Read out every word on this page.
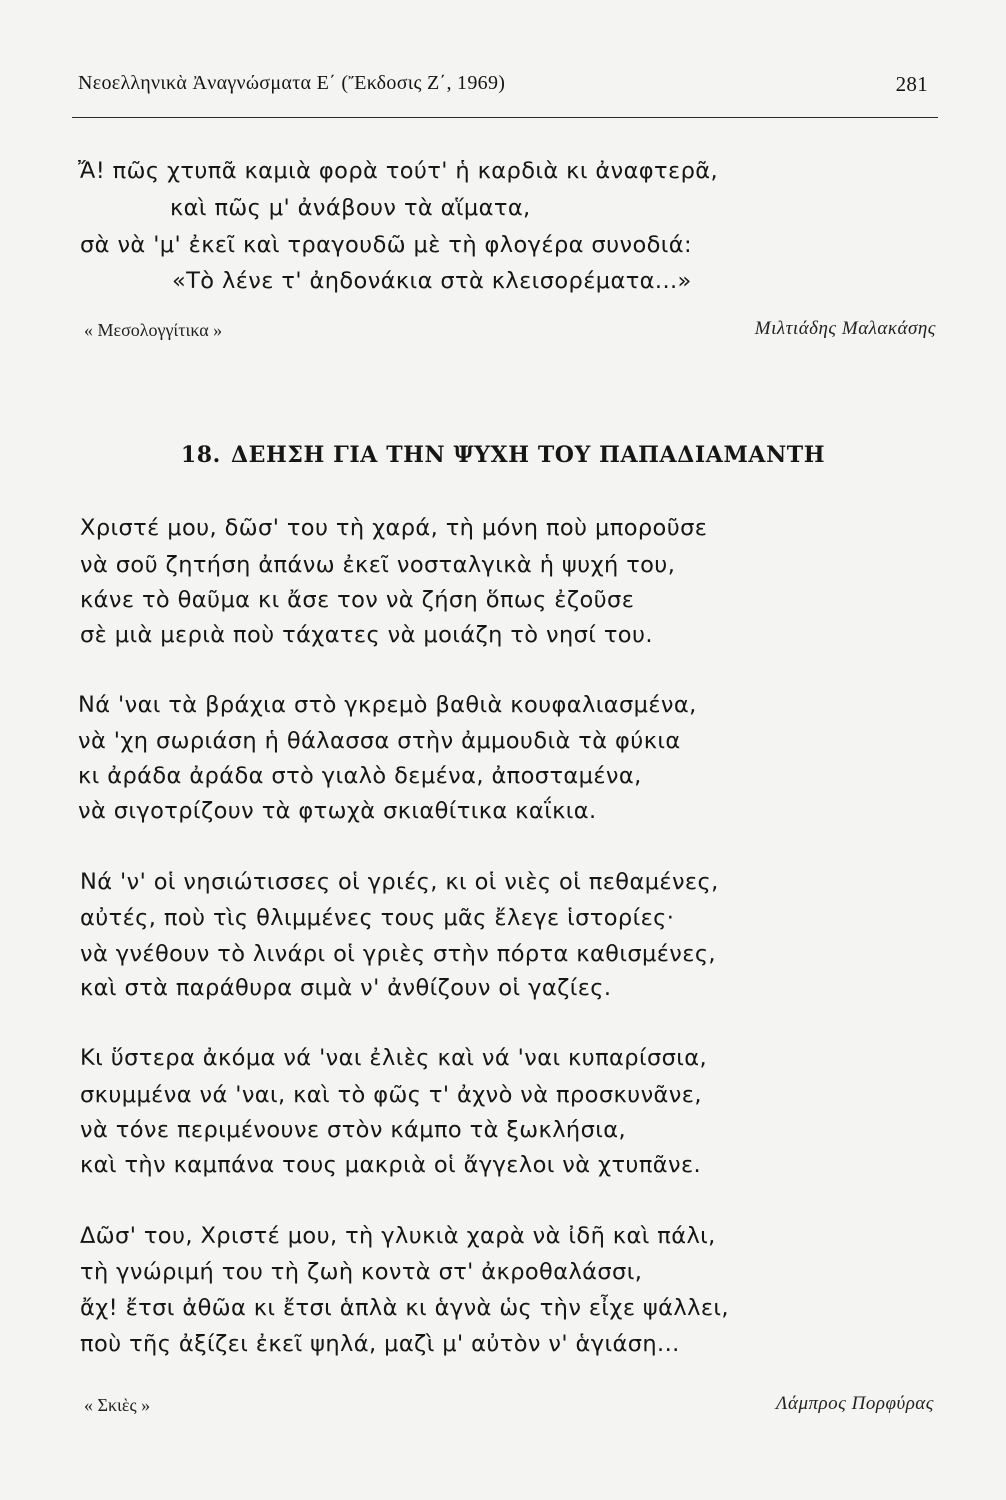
Νεοελληνικὰ Ἀναγνώσματα Ε΄ (Ἔκδοσις Ζ΄, 1969)	281
Ἄ! πῶς χτυπᾶ καμιὰ φορὰ τούτ' ἡ καρδιὰ κι ἀναφτερᾶ,
καὶ πῶς μ' ἀνάβουν τὰ αἵματα,
σὰ νὰ 'μ' ἐκεῖ καὶ τραγουδῶ μὲ τὴ φλογέρα συνοδιά:
«Τὸ λένε τ' ἀηδονάκια στὰ κλεισορέματα...»
« Μεσολογγίτικα »	Μιλτιάδης Μαλακάσης
18. ΔΕΗΣΗ ΓΙΑ ΤΗΝ ΨΥΧΗ ΤΟΥ ΠΑΠΑΔΙΑΜΑΝΤΗ
Χριστέ μου, δῶσ' του τὴ χαρά, τὴ μόνη ποὺ μποροῦσε
νὰ σοῦ ζητήση ἀπάνω ἐκεῖ νοσταλγικὰ ἡ ψυχή του,
κάνε τὸ θαῦμα κι ἄσε τον νὰ ζήση ὅπως ἐζοῦσε
σὲ μιὰ μεριὰ ποὺ τάχατες νὰ μοιάζη τὸ νησί του.
Νά 'ναι τὰ βράχια στὸ γκρεμὸ βαθιὰ κουφαλιασμένα,
νὰ 'χη σωριάση ἡ θάλασσα στὴν ἀμμουδιὰ τὰ φύκια
κι ἀράδα ἀράδα στὸ γιαλὸ δεμένα, ἀποσταμένα,
νὰ σιγοτρίζουν τὰ φτωχὰ σκιαθίτικα καΐκια.
Νά 'ν' οἱ νησιώτισσες οἱ γριές, κι οἱ νιὲς οἱ πεθαμένες,
αὐτές, ποὺ τὶς θλιμμένες τους μᾶς ἔλεγε ἱστορίες·
νὰ γνέθουν τὸ λινάρι οἱ γριὲς στὴν πόρτα καθισμένες,
καὶ στὰ παράθυρα σιμὰ ν' ἀνθίζουν οἱ γαζίες.
Κι ὕστερα ἀκόμα νά 'ναι ἐλιὲς καὶ νά 'ναι κυπαρίσσια,
σκυμμένα νά 'ναι, καὶ τὸ φῶς τ' ἀχνὸ νὰ προσκυνᾶνε,
νὰ τόνε περιμένουνε στὸν κάμπο τὰ ξωκλήσια,
καὶ τὴν καμπάνα τους μακριὰ οἱ ἄγγελοι νὰ χτυπᾶνε.
Δῶσ' του, Χριστέ μου, τὴ γλυκιὰ χαρὰ νὰ ἰδῆ καὶ πάλι,
τὴ γνώριμή του τὴ ζωὴ κοντὰ στ' ἀκροθαλάσσι,
ἄχ! ἔτσι ἀθῶα κι ἔτσι ἁπλὰ κι ἁγνὰ ὡς τὴν εἶχε ψάλλει,
ποὺ τῆς ἀξίζει ἐκεῖ ψηλά, μαζὶ μ' αὐτὸν ν' ἁγιάση...
« Σκιὲς »	Λάμπρος Πορφύρας
